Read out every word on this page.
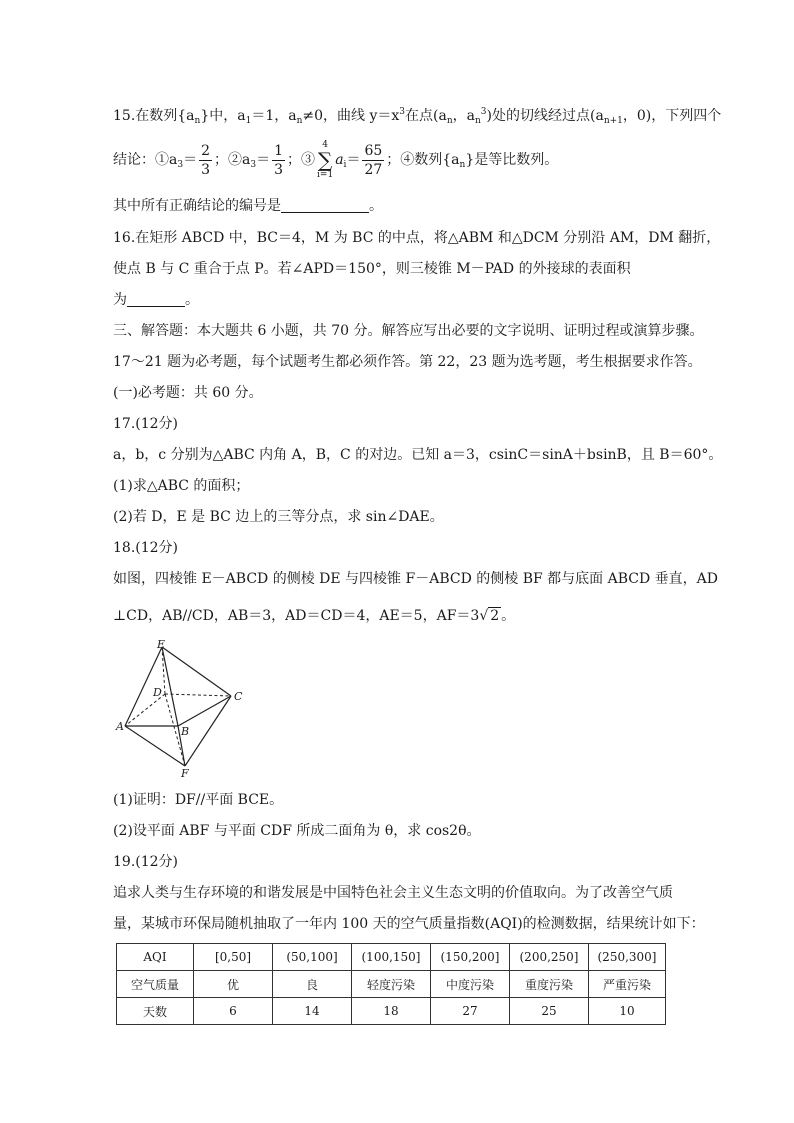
15.在数列$\{a_n\}$中，$a_1=1$，$a_n\ne 0$，曲线 $y=x^3$在点($a_n$，$a_n^3$)处的切线经过点($a_{n+1}$，0)，下列四个
结论：$①a_3= \frac{2}{3}$ ；$②a_3= \frac{1}{3}$ ；③4
∑
$i=1a_i= \frac{65}{27}$ ；④数列$\{a_n\}$是等比数列。
其中所有正确结论的编号是	。
16.在矩形 ABCD 中，BC＝4，M 为 BC 的中点，将△ABM 和△DCM 分别沿 AM，DM 翻折，
使点 B 与 C 重合于点 P。若∠APD＝150°，则三棱锥 M－PAD 的外接球的表面积
为	。
三、解答题：本大题共 6 小题，共 70 分。解答应写出必要的文字说明、证明过程或演算步骤。
17～21 题为必考题，每个试题考生都必须作答。第 22，23 题为选考题，考生根据要求作答。
(一)必考题：共 60 分。
17.(12分)
a，b，c 分别为△ABC 内角 A，B，C 的对边。已知 a＝3，csinC＝sinA＋bsinB，且 B＝60°。
(1)求△ABC 的面积；
(2)若 D，E 是 BC 边上的三等分点，求 sin∠DAE。
18.(12分)
如图，四棱锥 E－ABCD 的侧棱 DE 与四棱锥 F－ABCD 的侧棱 BF 都与底面 ABCD 垂直，AD
⊥CD，AB//CD，AB＝3，AD＝CD＝4，AE＝5，AF＝3√ 2 。
E
D	C
A	B
F
(1)证明：DF//平面 BCE。
(2)设平面 ABF 与平面 CDF 所成二面角为 θ，求 cos2θ。
19.(12分)
追求人类与生存环境的和谐发展是中国特色社会主义生态文明的价值取向。为了改善空气质
量，某城市环保局随机抽取了一年内 100 天的空气质量指数(AQI)的检测数据，结果统计如下：
AQI	[0,50]	(50,100]	(100,150]	(150,200]	(200,250]	(250,300]
空气质量	优	良	轻度污染	中度污染	重度污染	严重污染
天数	6	14	18	27	25	10
